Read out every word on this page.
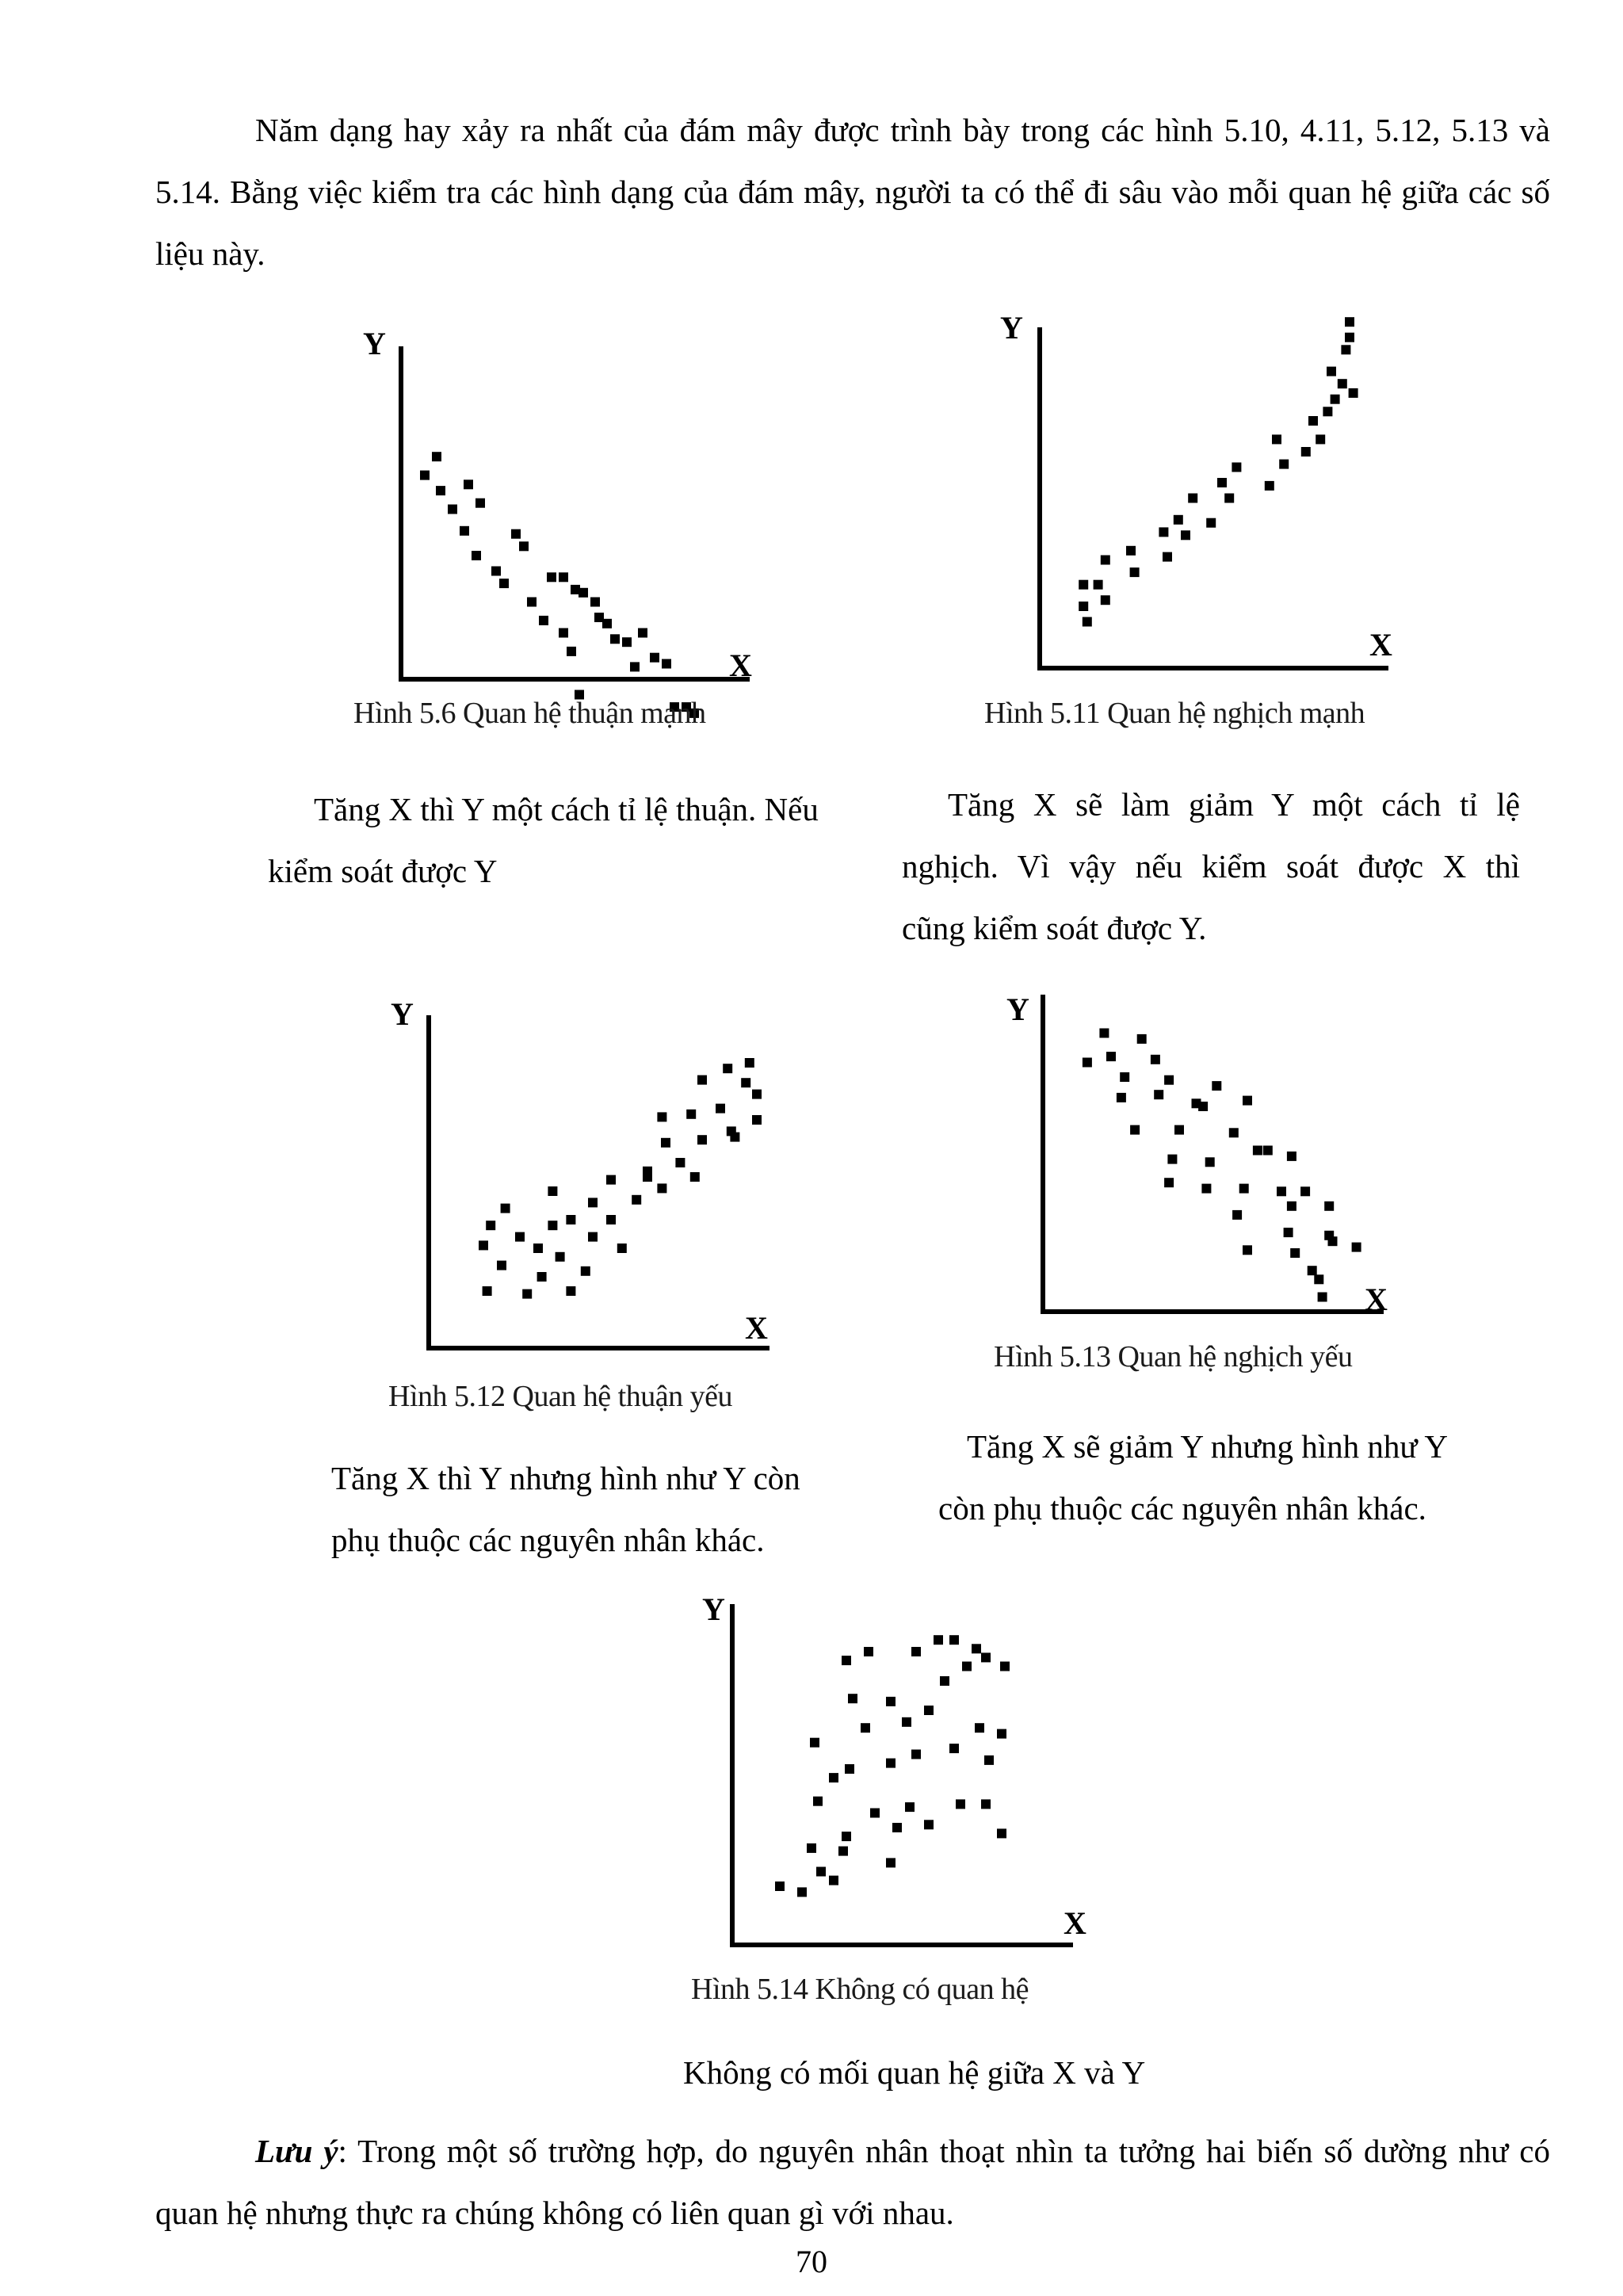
Năm dạng hay xảy ra nhất của đám mây được trình bày trong các hình 5.10, 4.11, 5.12, 5.13 và 5.14. Bằng việc kiểm tra các hình dạng của đám mây, người ta có thể đi sâu vào mỗi quan hệ giữa các số liệu này.

Y
X
Hình 5.6 Quan hệ thuận mạnh
Tăng X thì Y một cách tỉ lệ thuận. Nếu
kiểm soát được Y
Y
X
Hình 5.11 Quan hệ nghịch mạnh
Tăng X sẽ làm giảm Y một cách tỉ lệ
nghịch. Vì vậy nếu kiểm soát được X thì
cũng kiểm soát được Y.
Y
X
Hình 5.12 Quan hệ thuận yếu
Tăng X thì Y nhưng hình như Y còn
phụ thuộc các nguyên nhân khác.
Y
X
Hình 5.13 Quan hệ nghịch yếu
Tăng X sẽ giảm Y nhưng hình như Y
còn phụ thuộc các nguyên nhân khác.
Y
X
Hình 5.14 Không có quan hệ
Không có mối quan hệ giữa X và Y

Lưu ý: Trong một số trường hợp, do nguyên nhân thoạt nhìn ta tưởng hai biến số dường như có quan hệ nhưng thực ra chúng không có liên quan gì với nhau.

70
